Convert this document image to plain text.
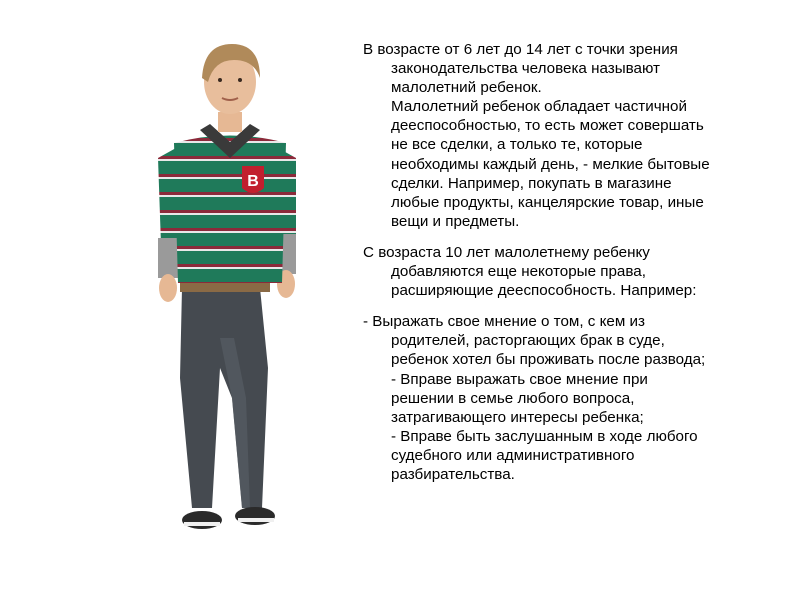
B

В возрасте от 6 лет до 14 лет с точки зрения
законодательства человека называют
малолетний ребенок.
Малолетний ребенок обладает частичной
дееспособностью, то есть может совершать
не все сделки, а только те, которые
необходимы каждый день, - мелкие бытовые
сделки. Например, покупать в магазине
любые продукты, канцелярские товар, иные
вещи и предметы.

С возраста 10 лет малолетнему ребенку
добавляются еще некоторые права,
расширяющие дееспособность. Например:

- Выражать свое мнение о том, с кем из
родителей, расторгающих брак в суде,
ребенок хотел бы проживать после развода;
- Вправе выражать свое мнение при
решении в семье любого вопроса,
затрагивающего интересы ребенка;
- Вправе быть заслушанным в ходе любого
судебного или административного
разбирательства.
